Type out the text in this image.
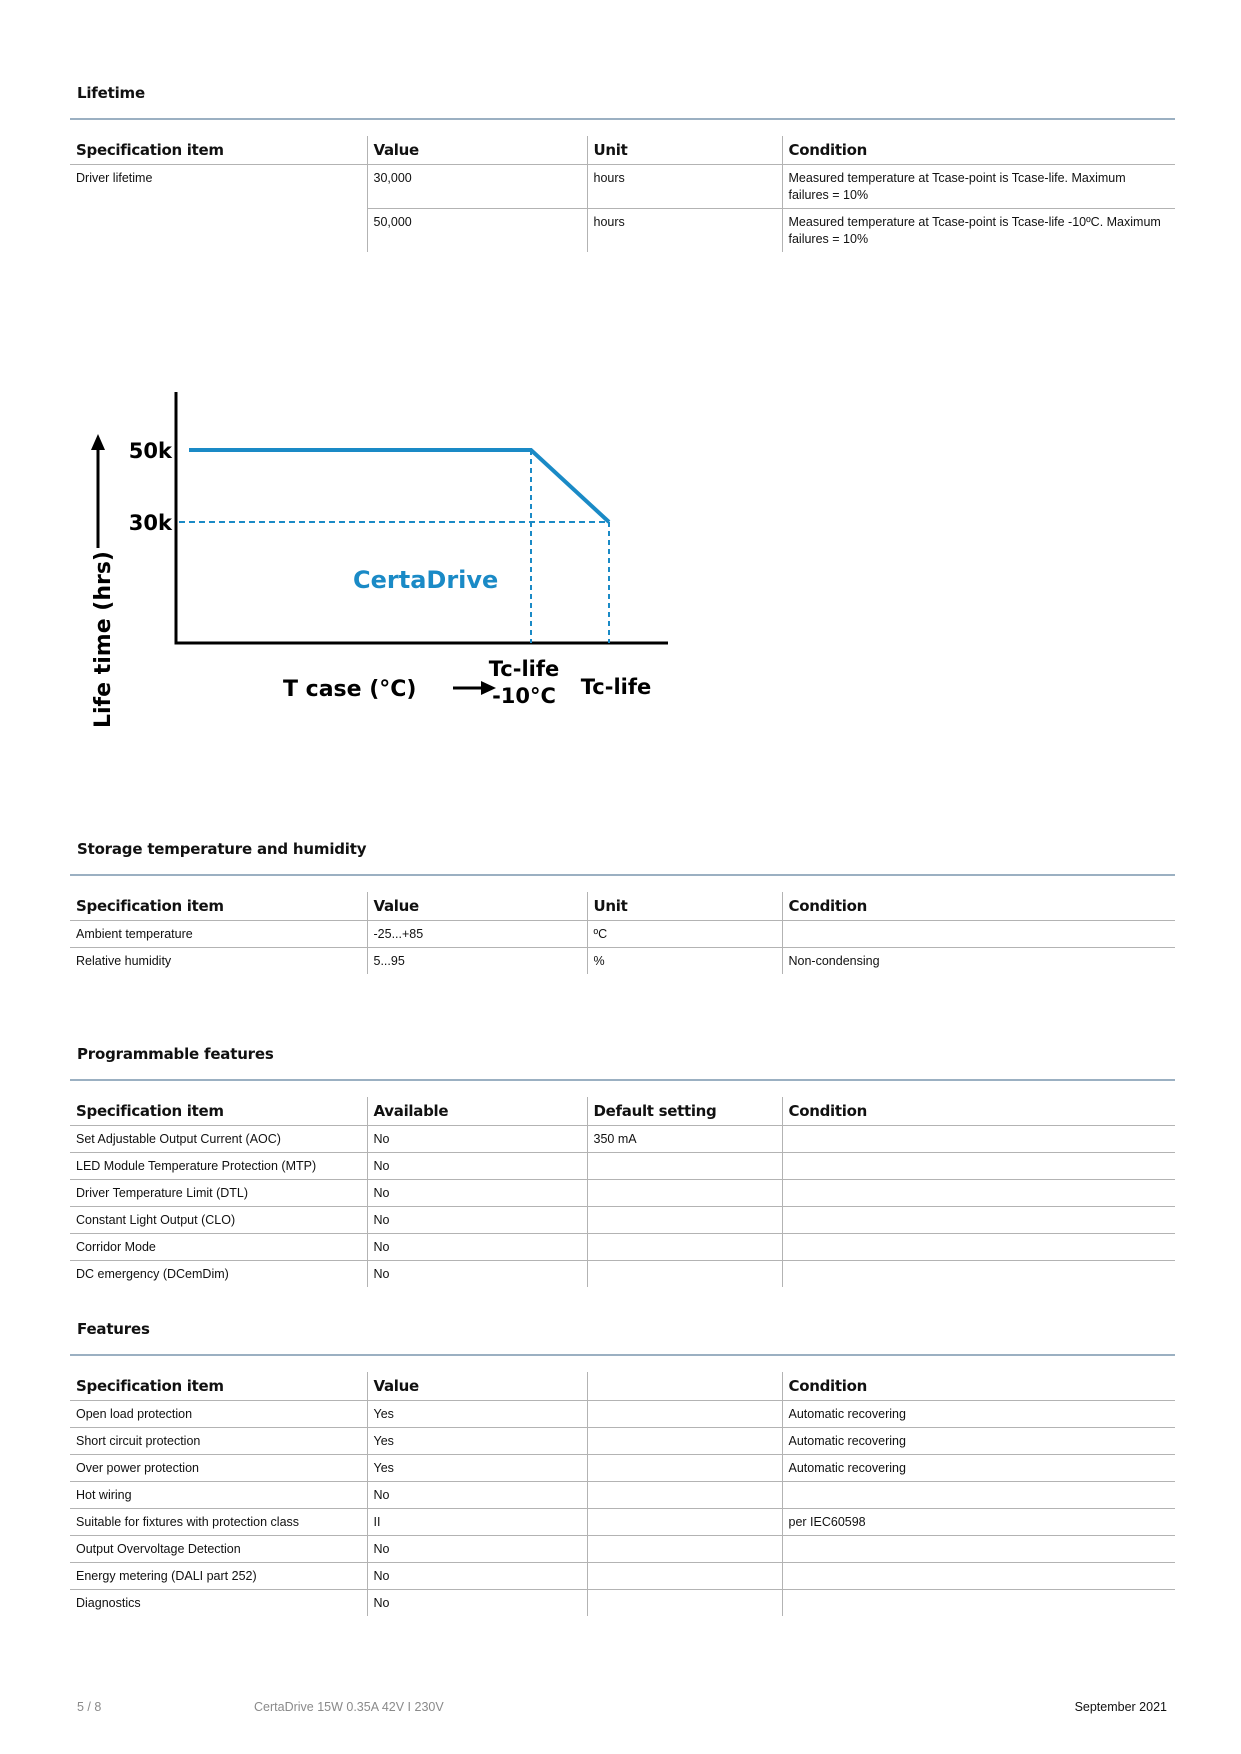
Lifetime
Specification item	Value	Unit	Condition
Driver lifetime	30,000	hours	Measured temperature at Tcase-point is Tcase-life. Maximum failures = 10%
	50,000	hours	Measured temperature at Tcase-point is Tcase-life -10ºC. Maximum failures = 10%
Life time (hrs)
50k
30k
CertaDrive
T case (°C)
Tc-life
-10°C Tc-life
Storage temperature and humidity
Specification item	Value	Unit	Condition
Ambient temperature	-25...+85	ºC	
Relative humidity	5...95	%	Non-condensing
Programmable features
Specification item	Available	Default setting	Condition
Set Adjustable Output Current (AOC)	No	350 mA	
LED Module Temperature Protection (MTP)	No		
Driver Temperature Limit (DTL)	No		
Constant Light Output (CLO)	No		
Corridor Mode	No		
DC emergency (DCemDim)	No		
Features
Specification item	Value		Condition
Open load protection	Yes		Automatic recovering
Short circuit protection	Yes		Automatic recovering
Over power protection	Yes		Automatic recovering
Hot wiring	No		
Suitable for fixtures with protection class	II		per IEC60598
Output Overvoltage Detection	No		
Energy metering (DALI part 252)	No		
Diagnostics	No		
5 / 8	CertaDrive 15W 0.35A 42V I 230V	September 2021
